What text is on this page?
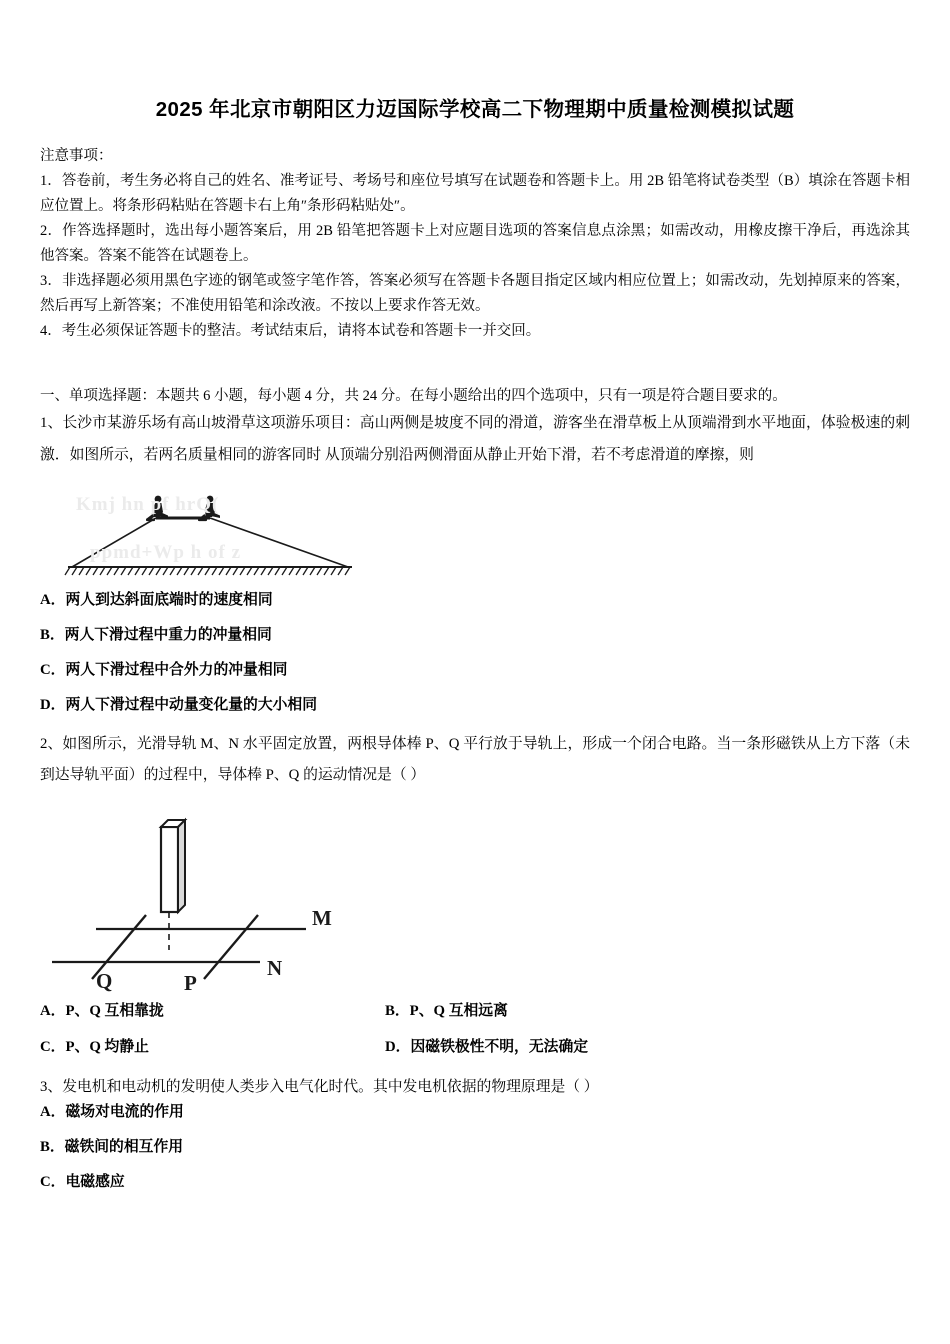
2025 年北京市朝阳区力迈国际学校高二下物理期中质量检测模拟试题

注意事项：

1．答卷前，考生务必将自己的姓名、准考证号、考场号和座位号填写在试题卷和答题卡上。用 2B 铅笔将试卷类型（B）填涂在答题卡相应位置上。将条形码粘贴在答题卡右上角″条形码粘贴处″。

2．作答选择题时，选出每小题答案后，用 2B 铅笔把答题卡上对应题目选项的答案信息点涂黑；如需改动，用橡皮擦干净后，再选涂其他答案。答案不能答在试题卷上。

3．非选择题必须用黑色字迹的钢笔或签字笔作答，答案必须写在答题卡各题目指定区域内相应位置上；如需改动，先划掉原来的答案，然后再写上新答案；不准使用铅笔和涂改液。不按以上要求作答无效。

4．考生必须保证答题卡的整洁。考试结束后，请将本试卷和答题卡一并交回。

一、单项选择题：本题共 6 小题，每小题 4 分，共 24 分。在每小题给出的四个选项中，只有一项是符合题目要求的。

1、长沙市某游乐场有高山坡滑草这项游乐项目：高山两侧是坡度不同的滑道，游客坐在滑草板上从顶端滑到水平地面，体验极速的刺激．如图所示，若两名质量相同的游客同时 从顶端分别沿两侧滑面从静止开始下滑，若不考虑滑道的摩擦，则

Kmj hn pf hrQ(
ppmd+Wp h of z

A．两人到达斜面底端时的速度相同

B．两人下滑过程中重力的冲量相同

C．两人下滑过程中合外力的冲量相同

D．两人下滑过程中动量变化量的大小相同

2、如图所示，光滑导轨 M、N 水平固定放置，两根导体棒 P、Q 平行放于导轨上，形成一个闭合电路。当一条形磁铁从上方下落（未到达导轨平面）的过程中，导体棒 P、Q 的运动情况是（ ）

M
N
Q	P
A．P、Q 互相靠拢	B．P、Q 互相远离
C．P、Q 均静止	D．因磁铁极性不明，无法确定

3、发电机和电动机的发明使人类步入电气化时代。其中发电机依据的物理原理是（ ）

A．磁场对电流的作用

B．磁铁间的相互作用

C．电磁感应
